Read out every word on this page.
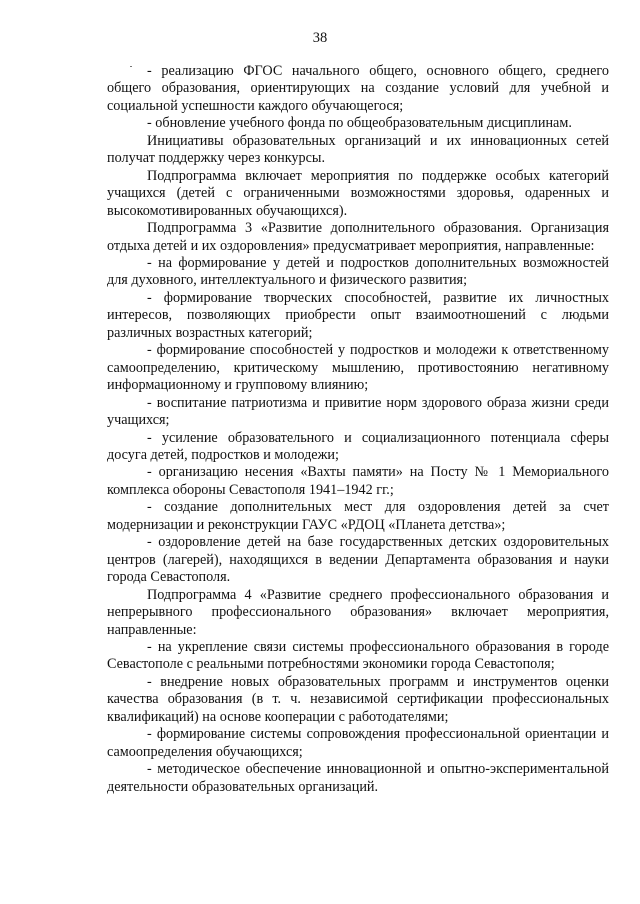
38

- реализацию ФГОС начального общего, основного общего, среднего общего образования, ориентирующих на создание условий для учебной и социальной успешности каждого обучающегося;

- обновление учебного фонда по общеобразовательным дисциплинам.

Инициативы образовательных организаций и их инновационных сетей получат поддержку через конкурсы.

Подпрограмма включает мероприятия по поддержке особых категорий учащихся (детей с ограниченными возможностями здоровья, одаренных и высокомотивированных обучающихся).

Подпрограмма 3 «Развитие дополнительного образования. Организация отдыха детей и их оздоровления» предусматривает мероприятия, направленные:

- на формирование у детей и подростков дополнительных возможностей для духовного, интеллектуального и физического развития;

- формирование творческих способностей, развитие их личностных интересов, позволяющих приобрести опыт взаимоотношений с людьми различных возрастных категорий;

- формирование способностей у подростков и молодежи к ответственному самоопределению, критическому мышлению, противостоянию негативному информационному и групповому влиянию;

- воспитание патриотизма и привитие норм здорового образа жизни среди учащихся;

- усиление образовательного и социализационного потенциала сферы досуга детей, подростков и молодежи;

- организацию несения «Вахты памяти» на Посту № 1 Мемориального комплекса обороны Севастополя 1941–1942 гг.;

- создание дополнительных мест для оздоровления детей за счет модернизации и реконструкции ГАУС «РДОЦ «Планета детства»;

- оздоровление детей на базе государственных детских оздоровительных центров (лагерей), находящихся в ведении Департамента образования и науки города Севастополя.

Подпрограмма 4 «Развитие среднего профессионального образования и непрерывного профессионального образования» включает мероприятия, направленные:

- на укрепление связи системы профессионального образования в городе Севастополе с реальными потребностями экономики города Севастополя;

- внедрение новых образовательных программ и инструментов оценки качества образования (в т. ч. независимой сертификации профессиональных квалификаций) на основе кооперации с работодателями;

- формирование системы сопровождения профессиональной ориентации и самоопределения обучающихся;

- методическое обеспечение инновационной и опытно-экспериментальной деятельности образовательных организаций.
